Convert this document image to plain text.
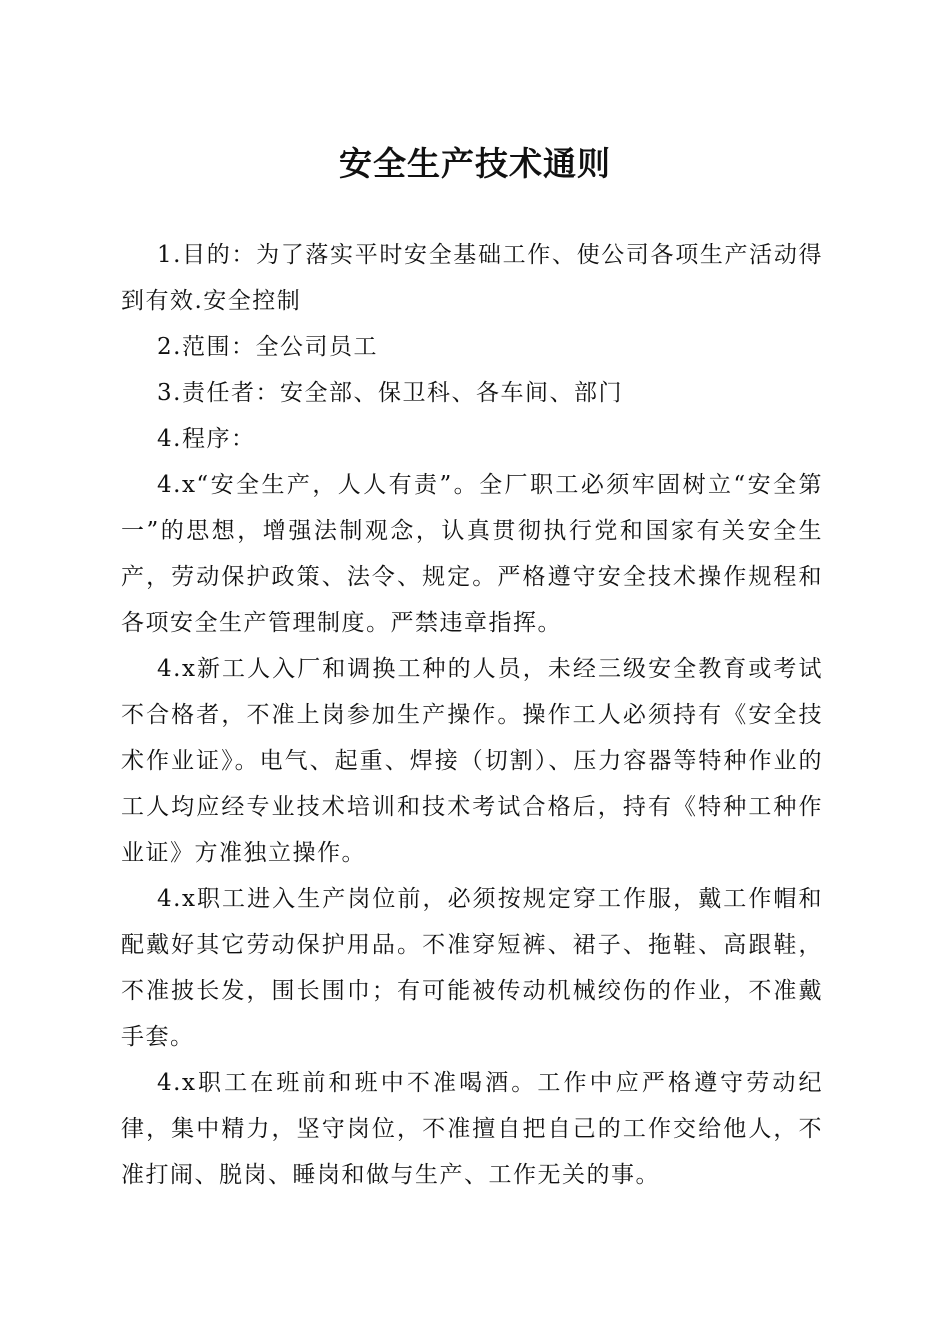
安全生产技术通则

1.目的：为了落实平时安全基础工作、使公司各项生产活动得到有效.安全控制

2.范围：全公司员工

3.责任者：安全部、保卫科、各车间、部门

4.程序：

4.x“安全生产，人人有责”。全厂职工必须牢固树立“安全第一”的思想，增强法制观念，认真贯彻执行党和国家有关安全生产，劳动保护政策、法令、规定。严格遵守安全技术操作规程和各项安全生产管理制度。严禁违章指挥。

4.x新工人入厂和调换工种的人员，未经三级安全教育或考试不合格者，不准上岗参加生产操作。操作工人必须持有《安全技术作业证》。电气、起重、焊接（切割）、压力容器等特种作业的工人均应经专业技术培训和技术考试合格后，持有《特种工种作业证》方准独立操作。

4.x职工进入生产岗位前，必须按规定穿工作服，戴工作帽和配戴好其它劳动保护用品。不准穿短裤、裙子、拖鞋、高跟鞋，不准披长发，围长围巾；有可能被传动机械绞伤的作业，不准戴手套。

4.x职工在班前和班中不准喝酒。工作中应严格遵守劳动纪律，集中精力，坚守岗位，不准擅自把自己的工作交给他人，不准打闹、脱岗、睡岗和做与生产、工作无关的事。
